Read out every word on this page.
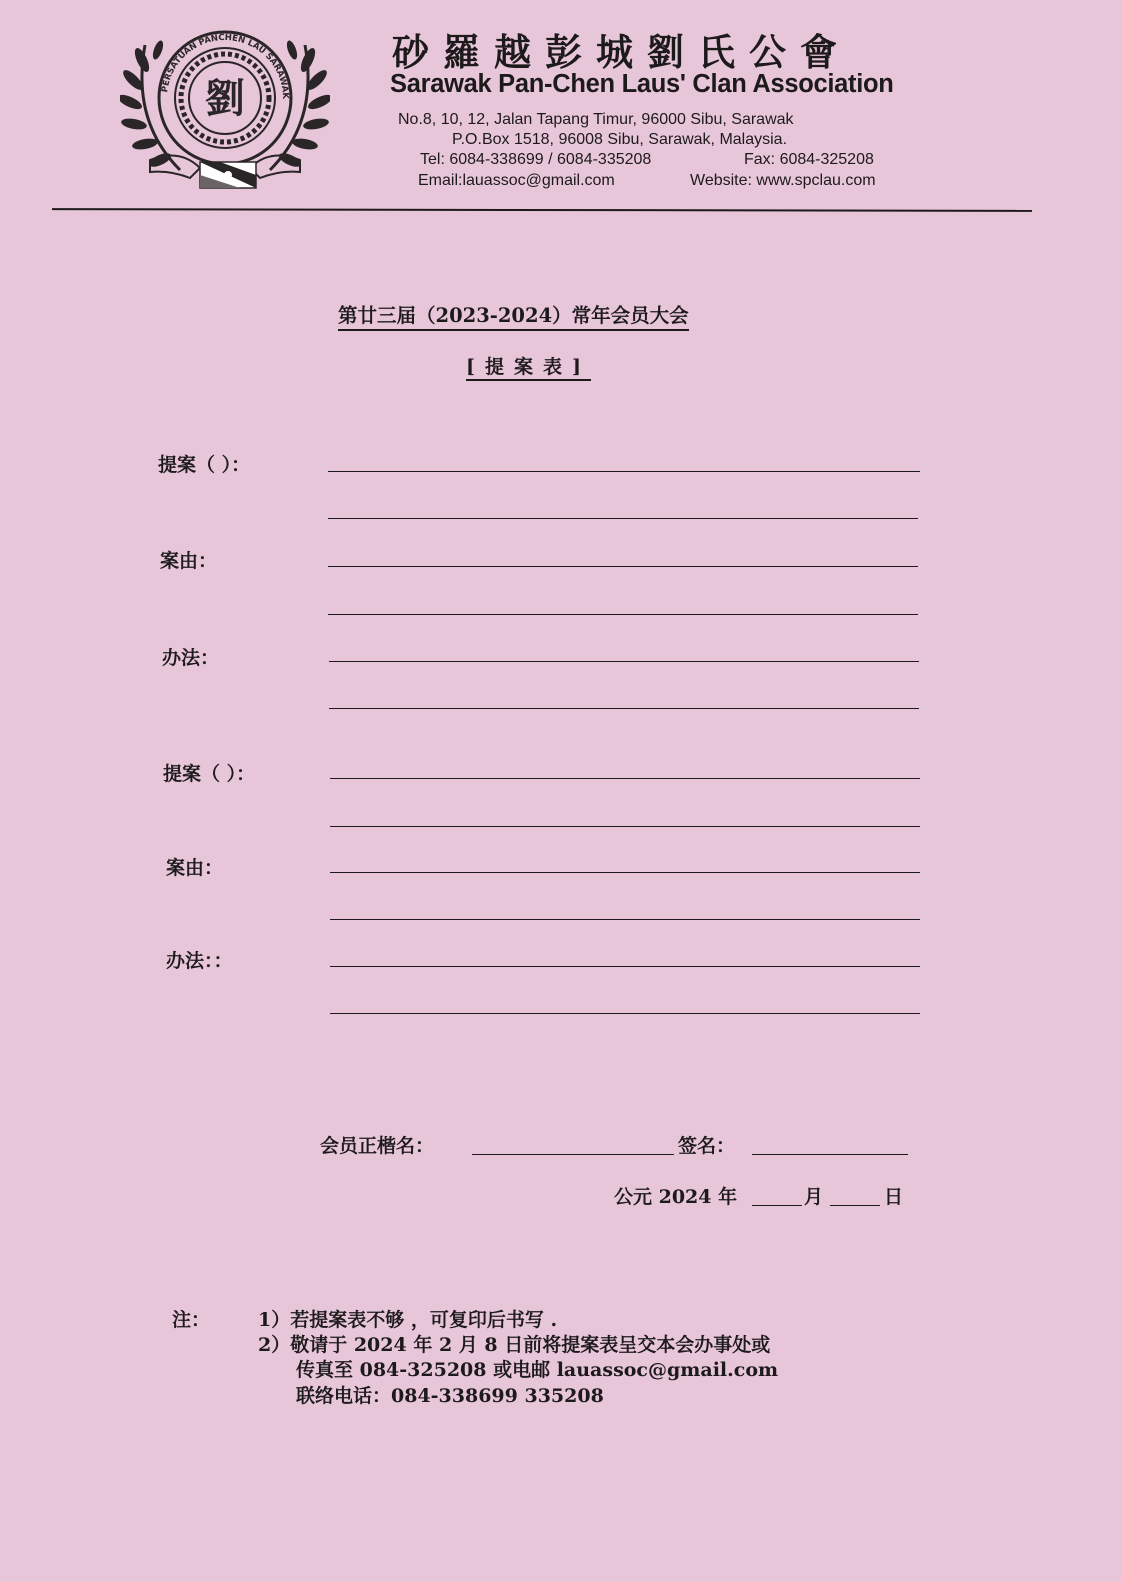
PERSATUAN PANCHEN LAU SARAWAK
劉
砂羅越彭城劉氏公會
Sarawak Pan-Chen Laus' Clan Association
No.8, 10, 12, Jalan Tapang Timur, 96000 Sibu, Sarawak
P.O.Box 1518, 96008 Sibu, Sarawak, Malaysia.
Tel: 6084-338699 / 6084-335208	Fax: 6084-325208
Email:lauassoc@gmail.com	Website: www.spclau.com
第廿三届（2023-2024）常年会员大会
[提案表]
提案（ ）：
案由：
办法：
提案（ ）：
案由：
办法：：
会员正楷名：	签名：
公元 2024 年	月	日
注：	1）若提案表不够 ，可复印后书写 .
2）敬请于 2024 年 2 月 8 日前将提案表呈交本会办事处或
传真至 084-325208 或电邮 lauassoc@gmail.com
联络电话：084-338699 335208
